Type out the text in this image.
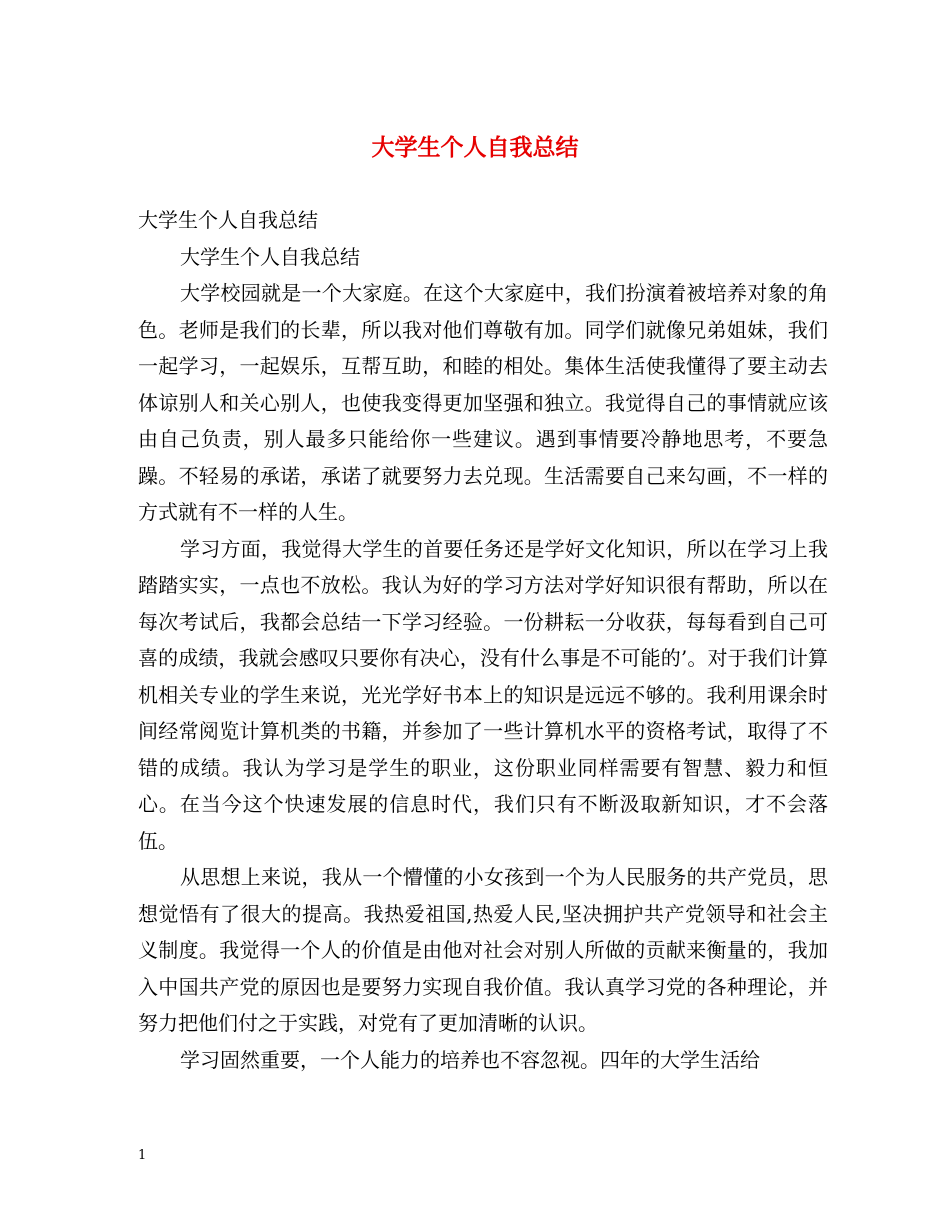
大学生个人自我总结

大学生个人自我总结

大学生个人自我总结

大学校园就是一个大家庭。在这个大家庭中，我们扮演着被培养对象的角色。老师是我们的长辈，所以我对他们尊敬有加。同学们就像兄弟姐妹，我们一起学习，一起娱乐，互帮互助，和睦的相处。集体生活使我懂得了要主动去体谅别人和关心别人，也使我变得更加坚强和独立。我觉得自己的事情就应该由自己负责，别人最多只能给你一些建议。遇到事情要冷静地思考，不要急躁。不轻易的承诺，承诺了就要努力去兑现。生活需要自己来勾画，不一样的方式就有不一样的人生。

学习方面，我觉得大学生的首要任务还是学好文化知识，所以在学习上我踏踏实实，一点也不放松。我认为好的学习方法对学好知识很有帮助，所以在每次考试后，我都会总结一下学习经验。一份耕耘一分收获，每每看到自己可喜的成绩，我就会感叹只要你有决心，没有什么事是不可能的’。对于我们计算机相关专业的学生来说，光光学好书本上的知识是远远不够的。我利用课余时间经常阅览计算机类的书籍，并参加了一些计算机水平的资格考试，取得了不错的成绩。我认为学习是学生的职业，这份职业同样需要有智慧、毅力和恒心。在当今这个快速发展的信息时代，我们只有不断汲取新知识，才不会落伍。

从思想上来说，我从一个懵懂的小女孩到一个为人民服务的共产党员，思想觉悟有了很大的提高。我热爱祖国,热爱人民,坚决拥护共产党领导和社会主义制度。我觉得一个人的价值是由他对社会对别人所做的贡献来衡量的，我加入中国共产党的原因也是要努力实现自我价值。我认真学习党的各种理论，并努力把他们付之于实践，对党有了更加清晰的认识。

学习固然重要，一个人能力的培养也不容忽视。四年的大学生活给

1
